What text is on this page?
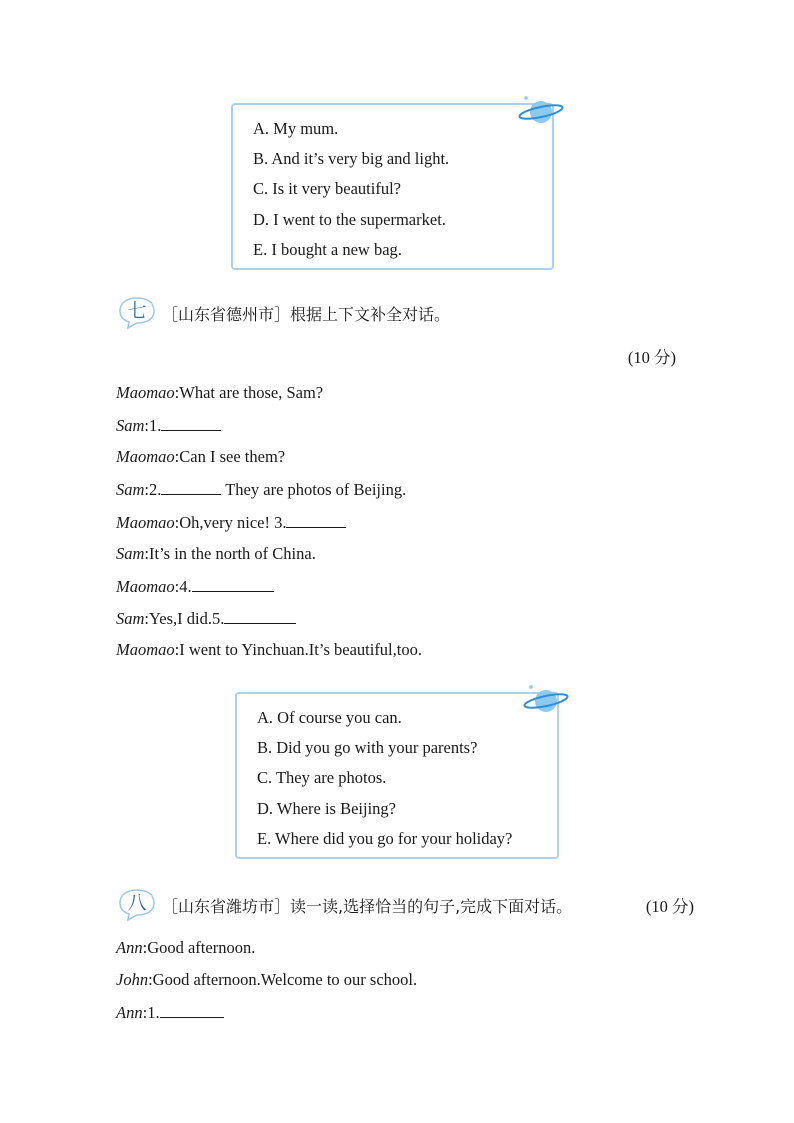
A. My mum.
B. And it’s very big and light.
C. Is it very beautiful?
D. I went to the supermarket.
E. I bought a new bag.
七 ［山东省德州市］根据上下文补全对话。
(10 分)
Maomao:What are those, Sam?
Sam:1.
Maomao:Can I see them?
Sam:2.	They are photos of Beijing.
Maomao:Oh,very nice! 3.
Sam:It’s in the north of China.
Maomao:4.
Sam:Yes,I did.5.
Maomao:I went to Yinchuan.It’s beautiful,too.
A. Of course you can.
B. Did you go with your parents?
C. They are photos.
D. Where is Beijing?
E. Where did you go for your holiday?
八 ［山东省潍坊市］读一读,选择恰当的句子,完成下面对话。	(10 分)
Ann:Good afternoon.
John:Good afternoon.Welcome to our school.
Ann:1.
